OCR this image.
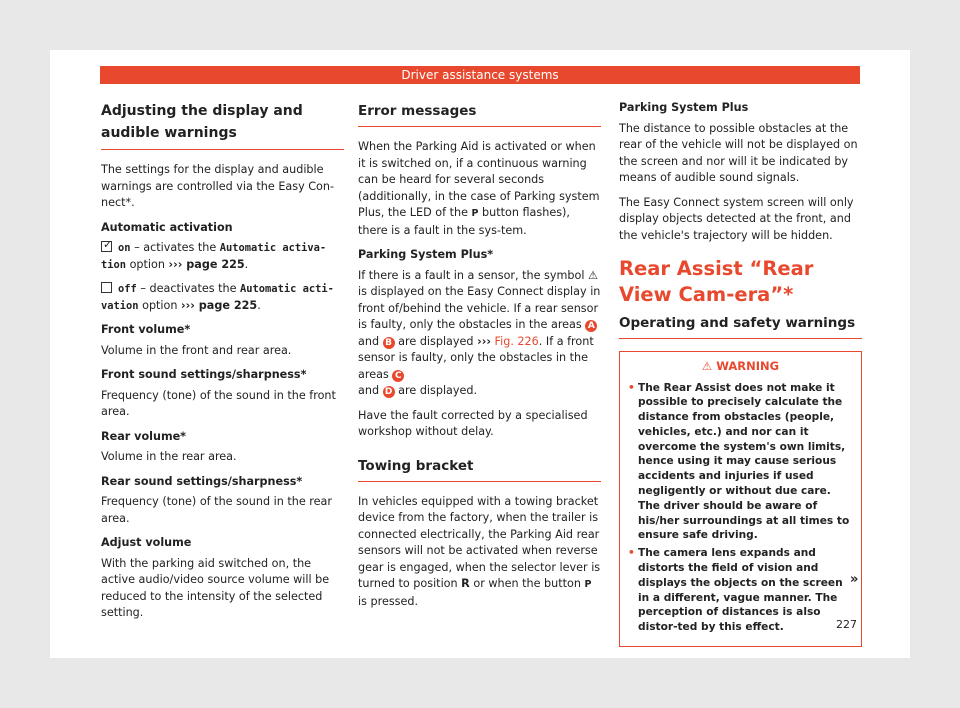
Driver assistance systems
Adjusting the display and audible warnings

The settings for the display and audible warnings are controlled via the Easy Con-nect*.

Automatic activation

✓on – activates the Automatic activa-tion option ››› page 225.

off – deactivates the Automatic acti-vation option ››› page 225.

Front volume*

Volume in the front and rear area.

Front sound settings/sharpness*

Frequency (tone) of the sound in the front area.

Rear volume*

Volume in the rear area.

Rear sound settings/sharpness*

Frequency (tone) of the sound in the rear area.

Adjust volume

With the parking aid switched on, the active audio/video source volume will be reduced to the intensity of the selected setting.

Error messages

When the Parking Aid is activated or when it is switched on, if a continuous warning can be heard for several seconds (additionally, in the case of Parking system Plus, the LED of the P button flashes), there is a fault in the sys-tem.

Parking System Plus*

If there is a fault in a sensor, the symbol ⚠ is displayed on the Easy Connect display in front of/behind the vehicle. If a rear sensor is faulty, only the obstacles in the areas A and B are displayed ››› Fig. 226. If a front sensor is faulty, only the obstacles in the areas C
and D are displayed.

Have the fault corrected by a specialised workshop without delay.

Towing bracket

In vehicles equipped with a towing bracket device from the factory, when the trailer is connected electrically, the Parking Aid rear sensors will not be activated when reverse gear is engaged, when the selector lever is turned to position R or when the button P is pressed.

Parking System Plus

The distance to possible obstacles at the rear of the vehicle will not be displayed on the screen and nor will it be indicated by means of audible sound signals.

The Easy Connect system screen will only display objects detected at the front, and the vehicle's trajectory will be hidden.

Rear Assist “Rear View Cam-era”*
Operating and safety warnings
⚠ WARNING
• The Rear Assist does not make it possible to precisely calculate the distance from obstacles (people, vehicles, etc.) and nor can it overcome the system's own limits, hence using it may cause serious accidents and injuries if used negligently or without due care. The driver should be aware of his/her surroundings at all times to ensure safe driving.
• The camera lens expands and distorts the field of vision and displays the objects on the screen in a different, vague manner. The perception of distances is also distor-ted by this effect.
»
227
